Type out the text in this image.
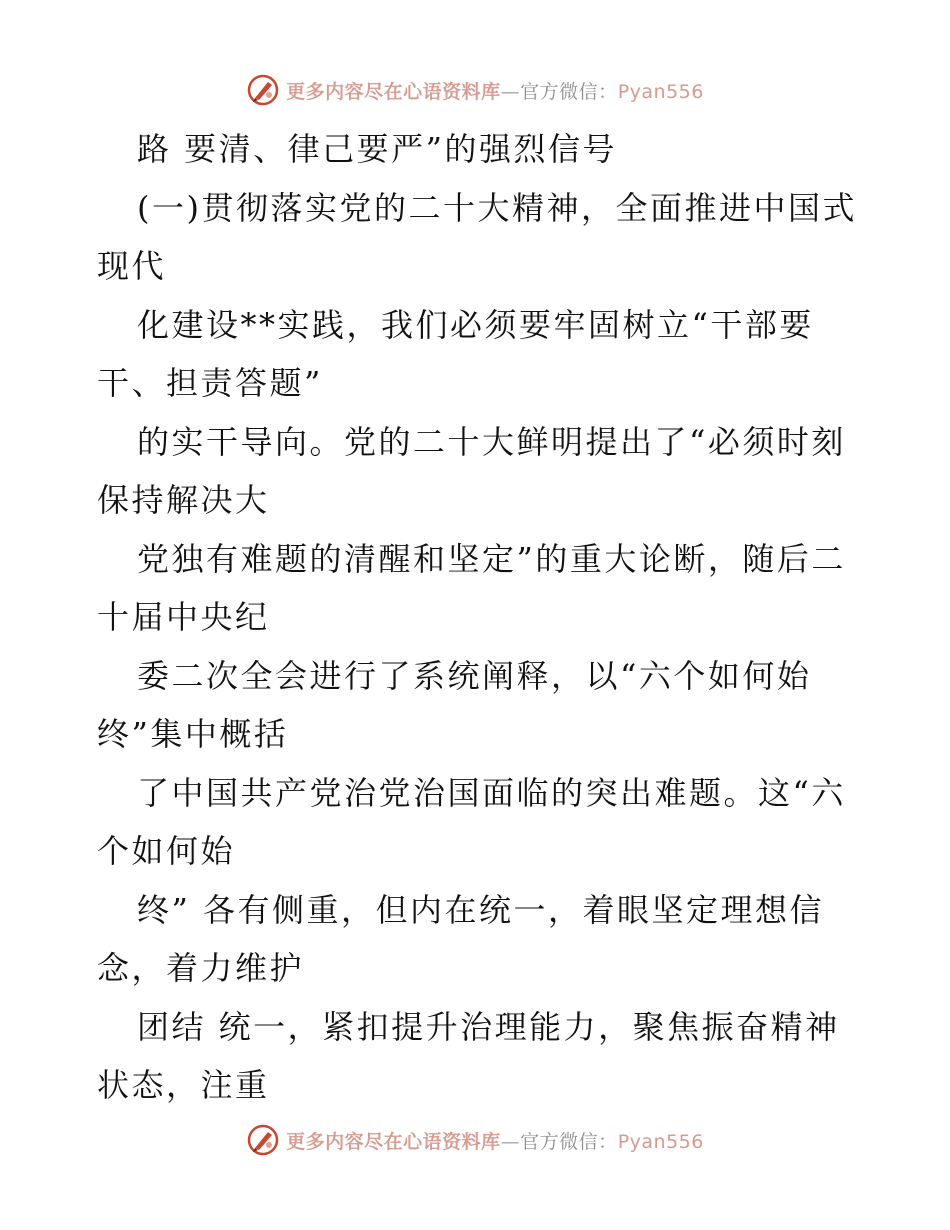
更多内容尽在心语资料库—官方微信：Pyan556
路 要清、律己要严”的强烈信号
(一)贯彻落实党的二十大精神，全面推进中国式
现代
化建设**实践，我们必须要牢固树立“干部要
干、担责答题”
的实干导向。党的二十大鲜明提出了“必须时刻
保持解决大
党独有难题的清醒和坚定”的重大论断，随后二
十届中央纪
委二次全会进行了系统阐释，以“六个如何始
终”集中概括
了中国共产党治党治国面临的突出难题。这“六
个如何始
终” 各有侧重，但内在统一，着眼坚定理想信
念，着力维护
团结 统一，紧扣提升治理能力，聚焦振奋精神
状态，注重
更多内容尽在心语资料库—官方微信：Pyan556
